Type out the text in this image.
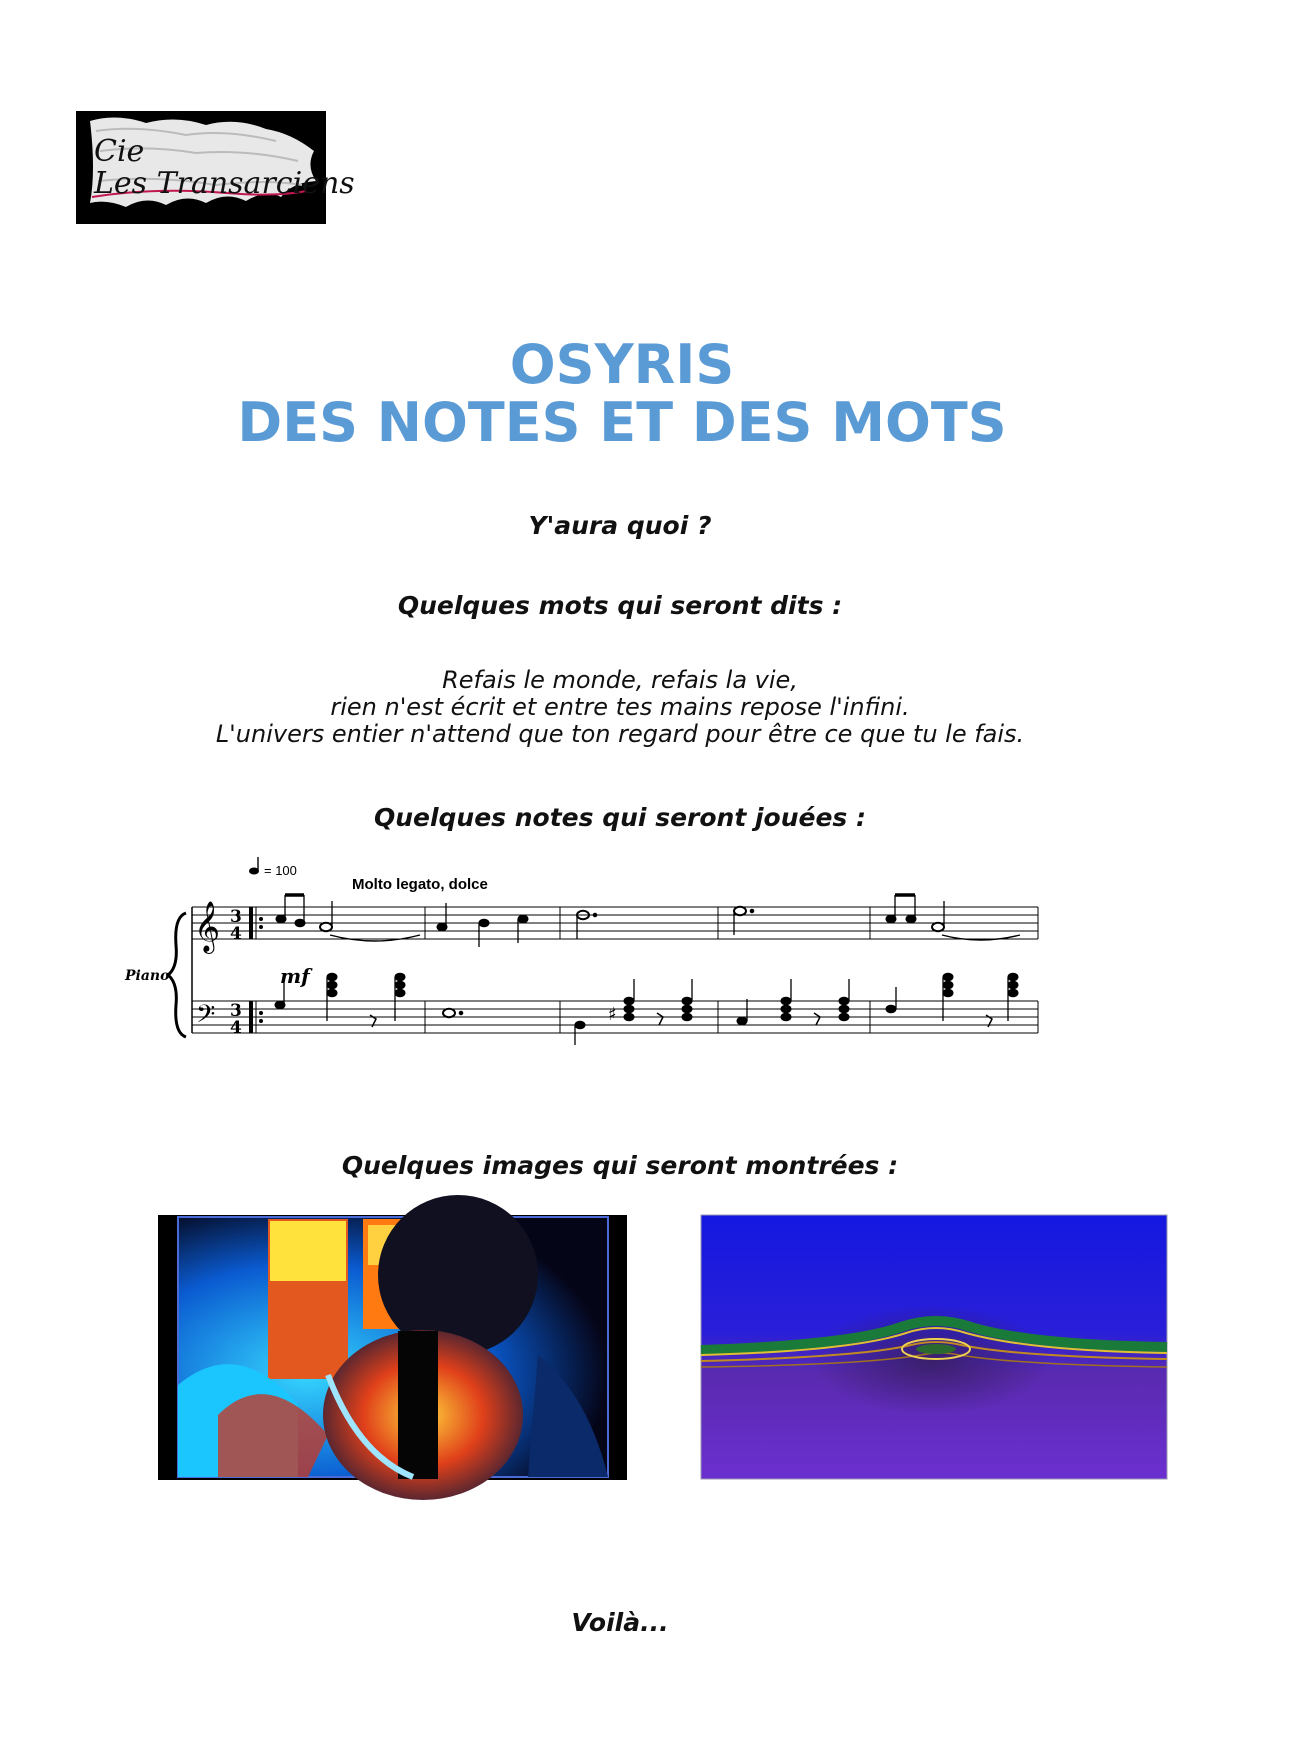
Cie
Les Transarciens
OSYRIS
DES NOTES ET DES MOTS
Y'aura quoi ?
Quelques mots qui seront dits :
Refais le monde, refais la vie,
rien n'est écrit et entre tes mains repose l'infini.
L'univers entier n'attend que ton regard pour être ce que tu le fais.
Quelques notes qui seront jouées :
= 100
Molto legato, dolce
Piano
𝄞
𝄢
3
4
3
4
mf
♯
Quelques images qui seront montrées :
Voilà...
